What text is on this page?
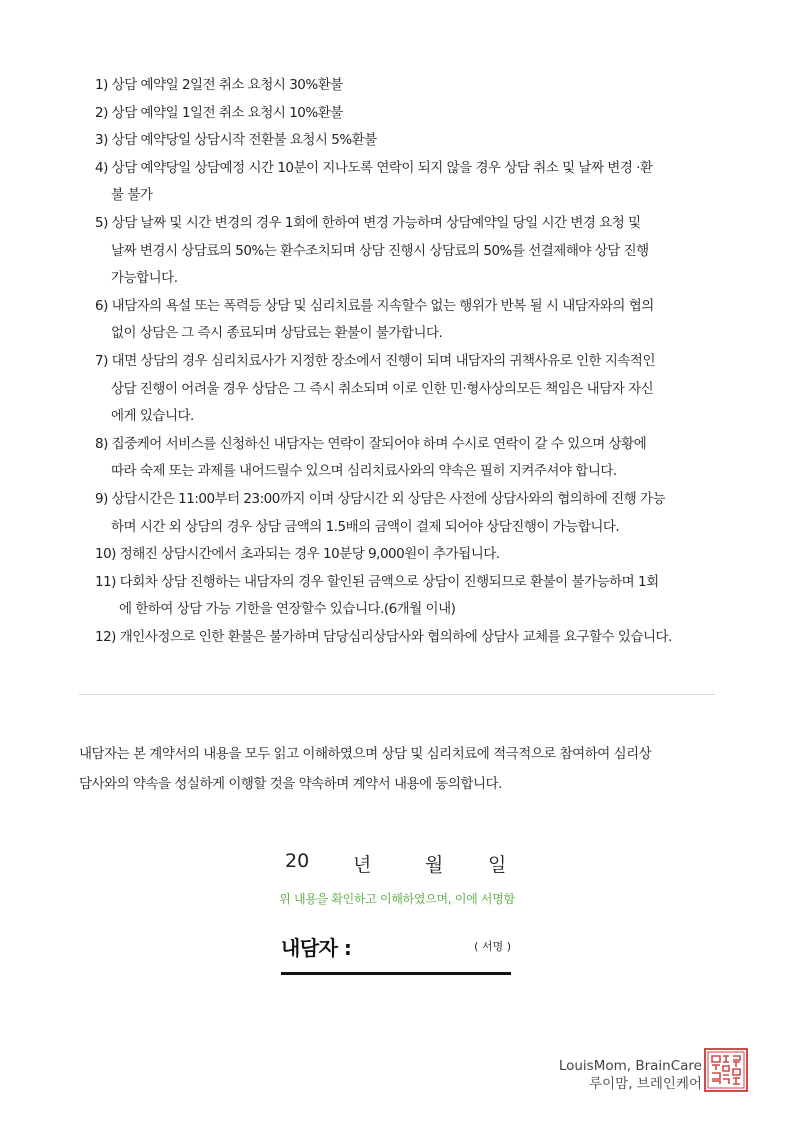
1) 상담 예약일 2일전 취소 요청시 30%환불
2) 상담 예약일 1일전 취소 요청시 10%환불
3) 상담 예약당일 상담시작 전환불 요청시 5%환불
4) 상담 예약당일 상담예정 시간 10분이 지나도록 연락이 되지 않을 경우 상담 취소 및 날짜 변경 ·환
불 불가
5) 상담 날짜 및 시간 변경의 경우 1회에 한하여 변경 가능하며 상담예약일 당일 시간 변경 요청 및
날짜 변경시 상담료의 50%는 환수조치되며 상담 진행시 상담료의 50%를 선결제해야 상담 진행
가능합니다.
6) 내담자의 욕설 또는 폭력등 상담 및 심리치료를 지속할수 없는 행위가 반복 될 시 내담자와의 협의
없이 상담은 그 즉시 종료되며 상담료는 환불이 불가합니다.
7) 대면 상담의 경우 심리치료사가 지정한 장소에서 진행이 되며 내담자의 귀책사유로 인한 지속적인
상담 진행이 어려울 경우 상담은 그 즉시 취소되며 이로 인한 민·형사상의모든 책임은 내담자 자신
에게 있습니다.
8) 집중케어 서비스를 신청하신 내담자는 연락이 잘되어야 하며 수시로 연락이 갈 수 있으며 상황에
따라 숙제 또는 과제를 내어드릴수 있으며 심리치료사와의 약속은 필히 지켜주셔야 합니다.
9) 상담시간은 11:00부터 23:00까지 이며 상담시간 외 상담은 사전에 상담사와의 협의하에 진행 가능
하며 시간 외 상담의 경우 상담 금액의 1.5배의 금액이 결제 되어야 상담진행이 가능합니다.
10) 정해진 상담시간에서 초과되는 경우 10분당 9,000원이 추가됩니다.
11) 다회차 상담 진행하는 내담자의 경우 할인된 금액으로 상담이 진행되므로 환불이 불가능하며 1회
에 한하여 상담 가능 기한을 연장할수 있습니다.(6개월 이내)
12) 개인사정으로 인한 환불은 불가하며 담당심리상담사와 협의하에 상담사 교체를 요구할수 있습니다.

내담자는 본 계약서의 내용을 모두 읽고 이해하였으며 상담 및 심리치료에 적극적으로 참여하여 심리상
담사와의 약속을 성실하게 이행할 것을 약속하며 계약서 내용에 동의합니다.

20 년	월 일
위 내용을 확인하고 이해하였으며, 이에 서명함
내담자 :	( 서명 )
LouisMom, BrainCare
루이맘, 브레인케어
